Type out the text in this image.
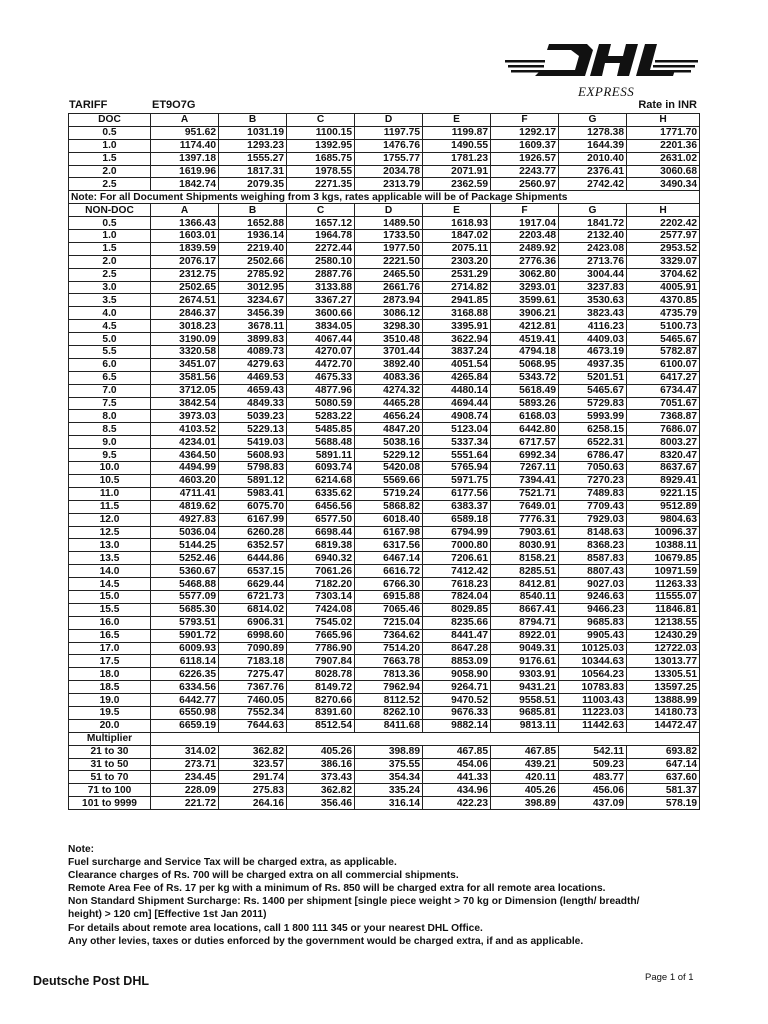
EXPRESS
TARIFF	ET9O7G	Rate in INR
DOC	A	B	C	D	E	F	G	H
0.5	951.62	1031.19	1100.15	1197.75	1199.87	1292.17	1278.38	1771.70
1.0	1174.40	1293.23	1392.95	1476.76	1490.55	1609.37	1644.39	2201.36
1.5	1397.18	1555.27	1685.75	1755.77	1781.23	1926.57	2010.40	2631.02
2.0	1619.96	1817.31	1978.55	2034.78	2071.91	2243.77	2376.41	3060.68
2.5	1842.74	2079.35	2271.35	2313.79	2362.59	2560.97	2742.42	3490.34
Note: For all Document Shipments weighing from 3 kgs, rates applicable will be of Package Shipments								
NON-DOC	A	B	C	D	E	F	G	H
0.5	1366.43	1652.88	1657.12	1489.50	1618.93	1917.04	1841.72	2202.42
1.0	1603.01	1936.14	1964.78	1733.50	1847.02	2203.48	2132.40	2577.97
1.5	1839.59	2219.40	2272.44	1977.50	2075.11	2489.92	2423.08	2953.52
2.0	2076.17	2502.66	2580.10	2221.50	2303.20	2776.36	2713.76	3329.07
2.5	2312.75	2785.92	2887.76	2465.50	2531.29	3062.80	3004.44	3704.62
3.0	2502.65	3012.95	3133.88	2661.76	2714.82	3293.01	3237.83	4005.91
3.5	2674.51	3234.67	3367.27	2873.94	2941.85	3599.61	3530.63	4370.85
4.0	2846.37	3456.39	3600.66	3086.12	3168.88	3906.21	3823.43	4735.79
4.5	3018.23	3678.11	3834.05	3298.30	3395.91	4212.81	4116.23	5100.73
5.0	3190.09	3899.83	4067.44	3510.48	3622.94	4519.41	4409.03	5465.67
5.5	3320.58	4089.73	4270.07	3701.44	3837.24	4794.18	4673.19	5782.87
6.0	3451.07	4279.63	4472.70	3892.40	4051.54	5068.95	4937.35	6100.07
6.5	3581.56	4469.53	4675.33	4083.36	4265.84	5343.72	5201.51	6417.27
7.0	3712.05	4659.43	4877.96	4274.32	4480.14	5618.49	5465.67	6734.47
7.5	3842.54	4849.33	5080.59	4465.28	4694.44	5893.26	5729.83	7051.67
8.0	3973.03	5039.23	5283.22	4656.24	4908.74	6168.03	5993.99	7368.87
8.5	4103.52	5229.13	5485.85	4847.20	5123.04	6442.80	6258.15	7686.07
9.0	4234.01	5419.03	5688.48	5038.16	5337.34	6717.57	6522.31	8003.27
9.5	4364.50	5608.93	5891.11	5229.12	5551.64	6992.34	6786.47	8320.47
10.0	4494.99	5798.83	6093.74	5420.08	5765.94	7267.11	7050.63	8637.67
10.5	4603.20	5891.12	6214.68	5569.66	5971.75	7394.41	7270.23	8929.41
11.0	4711.41	5983.41	6335.62	5719.24	6177.56	7521.71	7489.83	9221.15
11.5	4819.62	6075.70	6456.56	5868.82	6383.37	7649.01	7709.43	9512.89
12.0	4927.83	6167.99	6577.50	6018.40	6589.18	7776.31	7929.03	9804.63
12.5	5036.04	6260.28	6698.44	6167.98	6794.99	7903.61	8148.63	10096.37
13.0	5144.25	6352.57	6819.38	6317.56	7000.80	8030.91	8368.23	10388.11
13.5	5252.46	6444.86	6940.32	6467.14	7206.61	8158.21	8587.83	10679.85
14.0	5360.67	6537.15	7061.26	6616.72	7412.42	8285.51	8807.43	10971.59
14.5	5468.88	6629.44	7182.20	6766.30	7618.23	8412.81	9027.03	11263.33
15.0	5577.09	6721.73	7303.14	6915.88	7824.04	8540.11	9246.63	11555.07
15.5	5685.30	6814.02	7424.08	7065.46	8029.85	8667.41	9466.23	11846.81
16.0	5793.51	6906.31	7545.02	7215.04	8235.66	8794.71	9685.83	12138.55
16.5	5901.72	6998.60	7665.96	7364.62	8441.47	8922.01	9905.43	12430.29
17.0	6009.93	7090.89	7786.90	7514.20	8647.28	9049.31	10125.03	12722.03
17.5	6118.14	7183.18	7907.84	7663.78	8853.09	9176.61	10344.63	13013.77
18.0	6226.35	7275.47	8028.78	7813.36	9058.90	9303.91	10564.23	13305.51
18.5	6334.56	7367.76	8149.72	7962.94	9264.71	9431.21	10783.83	13597.25
19.0	6442.77	7460.05	8270.66	8112.52	9470.52	9558.51	11003.43	13888.99
19.5	6550.98	7552.34	8391.60	8262.10	9676.33	9685.81	11223.03	14180.73
20.0	6659.19	7644.63	8512.54	8411.68	9882.14	9813.11	11442.63	14472.47
Multiplier								
21 to 30	314.02	362.82	405.26	398.89	467.85	467.85	542.11	693.82
31 to 50	273.71	323.57	386.16	375.55	454.06	439.21	509.23	647.14
51 to 70	234.45	291.74	373.43	354.34	441.33	420.11	483.77	637.60
71 to 100	228.09	275.83	362.82	335.24	434.96	405.26	456.06	581.37
101 to 9999	221.72	264.16	356.46	316.14	422.23	398.89	437.09	578.19
Note:
Fuel surcharge and Service Tax will be charged extra, as applicable.
Clearance charges of Rs. 700 will be charged extra on all commercial shipments.
Remote Area Fee of Rs. 17 per kg with a minimum of Rs. 850 will be charged extra for all remote area locations.
Non Standard Shipment Surcharge: Rs. 1400 per shipment [single piece weight > 70 kg or Dimension (length/ breadth/
height) > 120 cm] [Effective 1st Jan 2011)
For details about remote area locations, call 1 800 111 345 or your nearest DHL Office.
Any other levies, taxes or duties enforced by the government would be charged extra, if and as applicable.
Deutsche Post DHL	Page 1 of 1
